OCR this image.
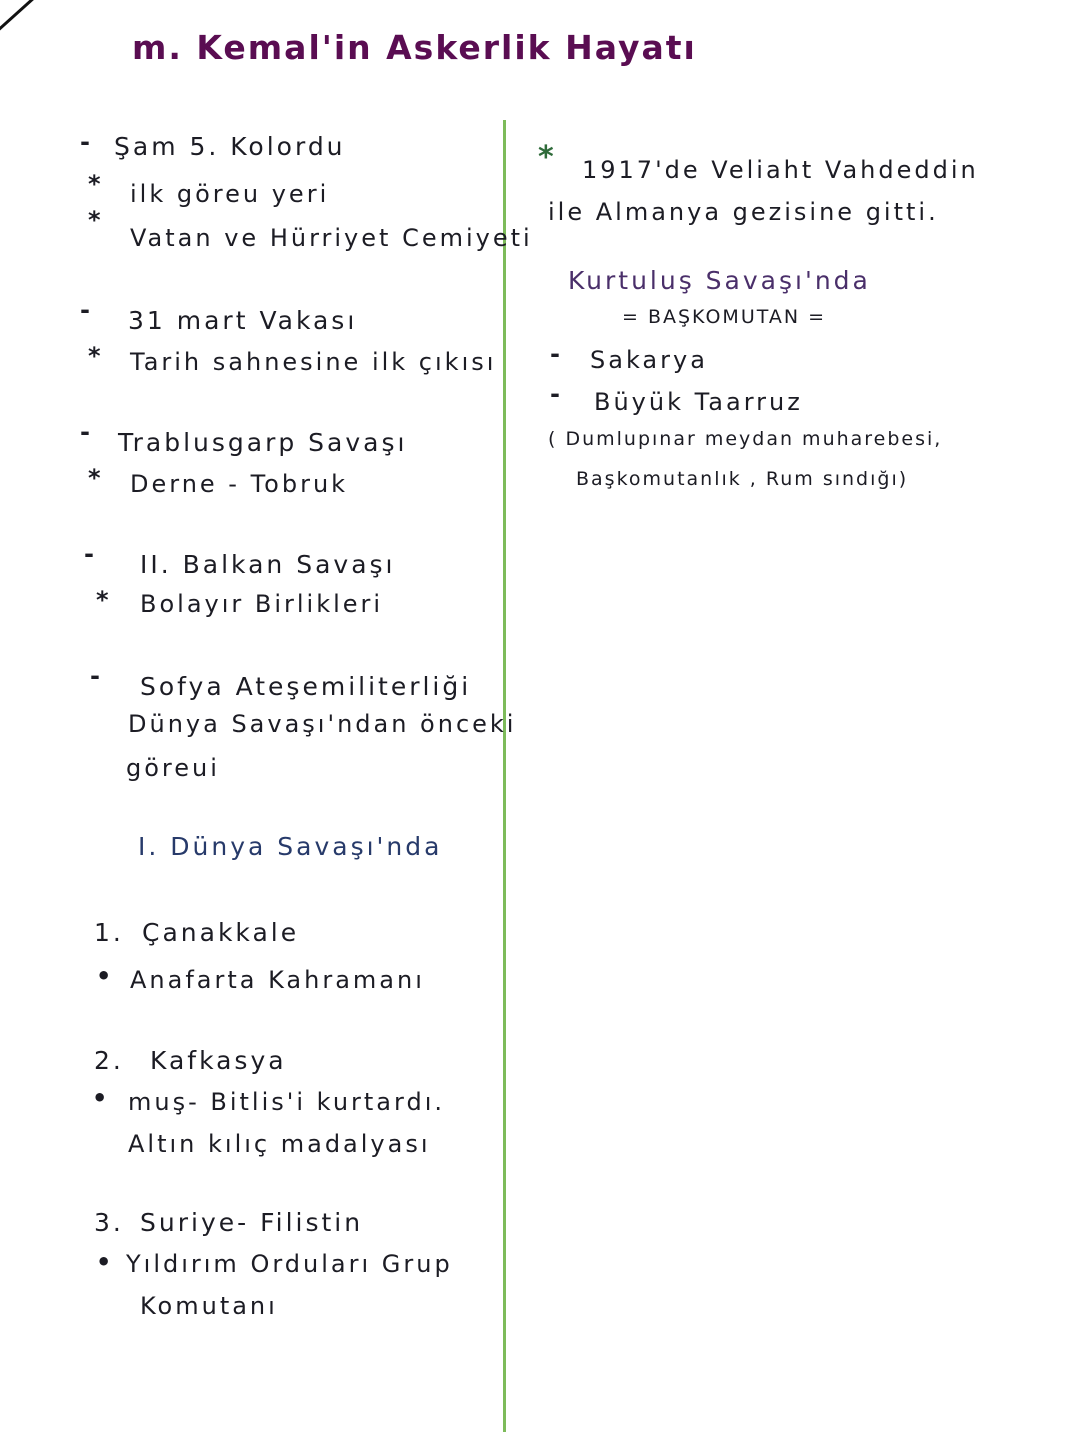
m. Kemal'in Askerlik Hayatı
- Şam 5. Kolordu
* ilk göreu yeri
*
Vatan ve Hürriyet Cemiyeti
- 31 mart Vakası
* Tarih sahnesine ilk çıkısı
- Trablusgarp Savaşı
* Derne - Tobruk
- II. Balkan Savaşı
* Bolayır Birlikleri
- Sofya Ateşemiliterliği
Dünya Savaşı'ndan önceki
göreui
I. Dünya Savaşı'nda
1. Çanakkale
• Anafarta Kahramanı
2. Kafkasya
• muş- Bitlis'i kurtardı.
Altın kılıç madalyası
3. Suriye- Filistin
• Yıldırım Orduları Grup
Komutanı
* 1917'de Veliaht Vahdeddin
ile Almanya gezisine gitti.
Kurtuluş Savaşı'nda
= BAŞKOMUTAN =
- Sakarya
- Büyük Taarruz
( Dumlupınar meydan muharebesi,
Başkomutanlık , Rum sındığı)
